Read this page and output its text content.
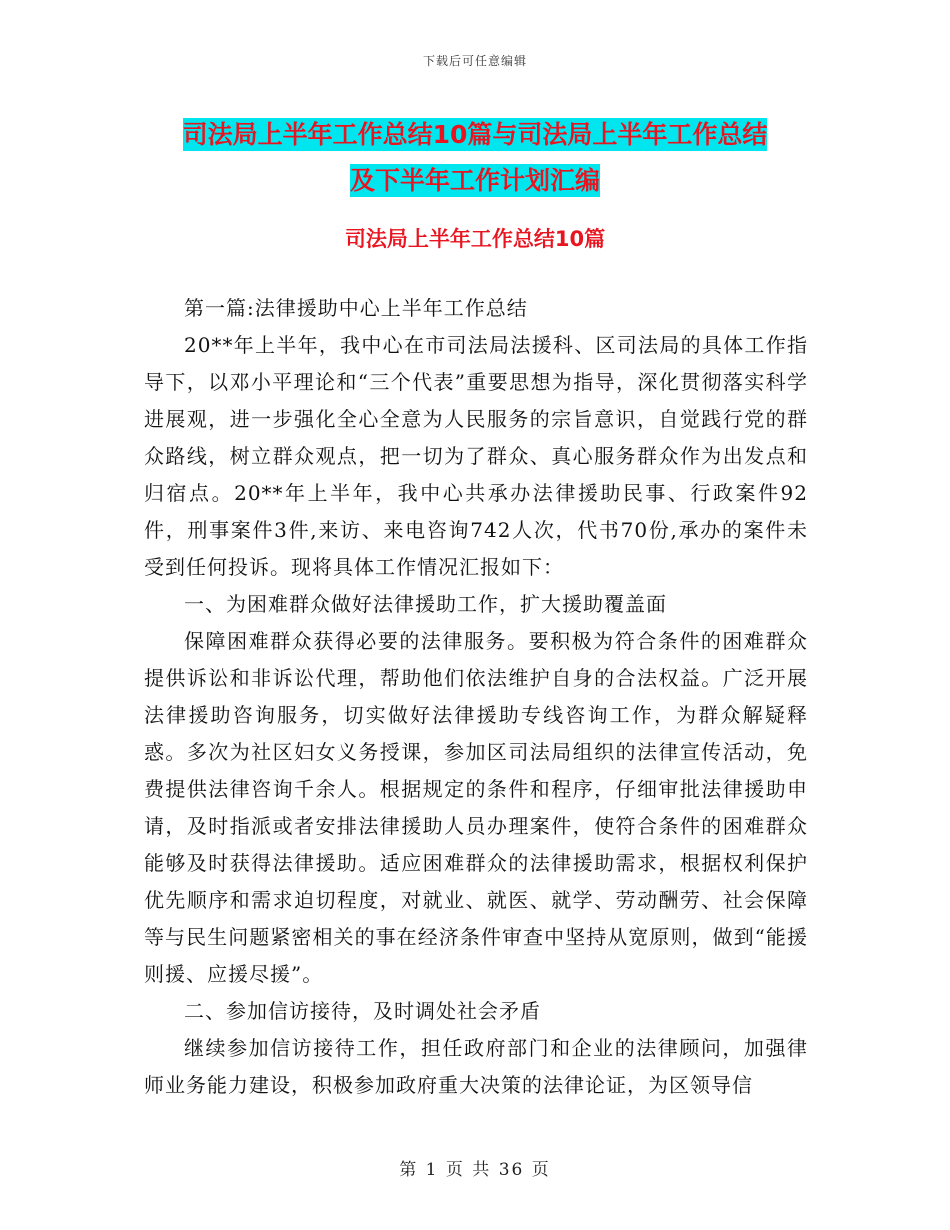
下载后可任意编辑
司法局上半年工作总结10篇与司法局上半年工作总结
及下半年工作计划汇编
司法局上半年工作总结10篇

第一篇:法律援助中心上半年工作总结

20**年上半年，我中心在市司法局法援科、区司法局的具体工作指导下，以邓小平理论和“三个代表”重要思想为指导，深化贯彻落实科学进展观，进一步强化全心全意为人民服务的宗旨意识，自觉践行党的群众路线，树立群众观点，把一切为了群众、真心服务群众作为出发点和归宿点。20**年上半年，我中心共承办法律援助民事、行政案件92件，刑事案件3件,来访、来电咨询742人次，代书70份,承办的案件未受到任何投诉。现将具体工作情况汇报如下：

一、为困难群众做好法律援助工作，扩大援助覆盖面

保障困难群众获得必要的法律服务。要积极为符合条件的困难群众提供诉讼和非诉讼代理，帮助他们依法维护自身的合法权益。广泛开展法律援助咨询服务，切实做好法律援助专线咨询工作，为群众解疑释惑。多次为社区妇女义务授课，参加区司法局组织的法律宣传活动，免费提供法律咨询千余人。根据规定的条件和程序，仔细审批法律援助申请，及时指派或者安排法律援助人员办理案件，使符合条件的困难群众能够及时获得法律援助。适应困难群众的法律援助需求，根据权利保护优先顺序和需求迫切程度，对就业、就医、就学、劳动酬劳、社会保障等与民生问题紧密相关的事在经济条件审查中坚持从宽原则，做到“能援则援、应援尽援”。

二、参加信访接待，及时调处社会矛盾

继续参加信访接待工作，担任政府部门和企业的法律顾问，加强律师业务能力建设，积极参加政府重大决策的法律论证，为区领导信

第 1 页 共 36 页
